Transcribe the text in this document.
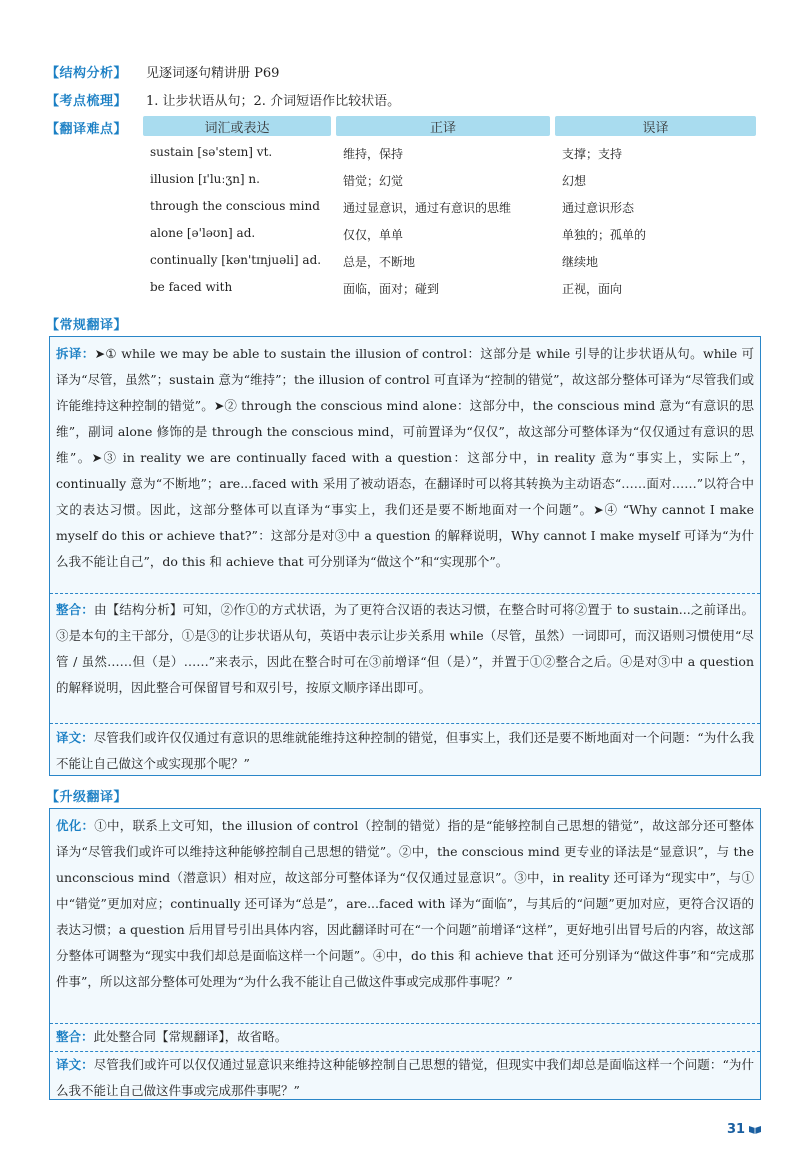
【结构分析】 见逐词逐句精讲册 P69
【考点梳理】 1. 让步状语从句；2. 介词短语作比较状语。
【翻译难点】	词汇或表达	正译	误译
sustain [sə'steɪn] vt.	维持，保持	支撑；支持
illusion [ɪ'luːʒn] n.	错觉；幻觉	幻想
through the conscious mind 通过显意识，通过有意识的思维	通过意识形态
alone [ə'ləʊn] ad.	仅仅，单单	单独的；孤单的
continually [kən'tɪnjuəli] ad. 总是，不断地	继续地
be faced with	面临，面对；碰到	正视，面向
【常规翻译】
拆译：➤① while we may be able to sustain the illusion of control：这部分是 while 引导的让步状语从句。while 可译为“尽管，虽然”；sustain 意为“维持”；the illusion of control 可直译为“控制的错觉”，故这部分整体可译为“尽管我们或许能维持这种控制的错觉”。➤② through the conscious mind alone：这部分中，the conscious mind 意为“有意识的思维”，副词 alone 修饰的是 through the conscious mind，可前置译为“仅仅”，故这部分可整体译为“仅仅通过有意识的思维”。➤③ in reality we are continually faced with a question：这部分中，in reality 意为“事实上，实际上”，continually 意为“不断地”；are...faced with 采用了被动语态，在翻译时可以将其转换为主动语态“……面对……”以符合中文的表达习惯。因此，这部分整体可以直译为“事实上，我们还是要不断地面对一个问题”。➤④ “Why cannot I make myself do this or achieve that?”：这部分是对③中 a question 的解释说明，Why cannot I make myself 可译为“为什么我不能让自己”，do this 和 achieve that 可分别译为“做这个”和“实现那个”。
整合：由【结构分析】可知，②作①的方式状语，为了更符合汉语的表达习惯，在整合时可将②置于 to sustain...之前译出。③是本句的主干部分，①是③的让步状语从句，英语中表示让步关系用 while（尽管，虽然）一词即可，而汉语则习惯使用“尽管 / 虽然……但（是）……”来表示，因此在整合时可在③前增译“但（是）”，并置于①②整合之后。④是对③中 a question 的解释说明，因此整合可保留冒号和双引号，按原文顺序译出即可。
译文：尽管我们或许仅仅通过有意识的思维就能维持这种控制的错觉，但事实上，我们还是要不断地面对一个问题：“为什么我不能让自己做这个或实现那个呢？”
【升级翻译】
优化：①中，联系上文可知，the illusion of control（控制的错觉）指的是“能够控制自己思想的错觉”，故这部分还可整体译为“尽管我们或许可以维持这种能够控制自己思想的错觉”。②中，the conscious mind 更专业的译法是“显意识”，与 the unconscious mind（潜意识）相对应，故这部分可整体译为“仅仅通过显意识”。③中，in reality 还可译为“现实中”，与①中“错觉”更加对应；continually 还可译为“总是”，are...faced with 译为“面临”，与其后的“问题”更加对应，更符合汉语的表达习惯；a question 后用冒号引出具体内容，因此翻译时可在“一个问题”前增译“这样”，更好地引出冒号后的内容，故这部分整体可调整为“现实中我们却总是面临这样一个问题”。④中，do this 和 achieve that 还可分别译为“做这件事”和“完成那件事”，所以这部分整体可处理为“为什么我不能让自己做这件事或完成那件事呢？”
整合：此处整合同【常规翻译】，故省略。
译文：尽管我们或许可以仅仅通过显意识来维持这种能够控制自己思想的错觉，但现实中我们却总是面临这样一个问题：“为什么我不能让自己做这件事或完成那件事呢？”
31
